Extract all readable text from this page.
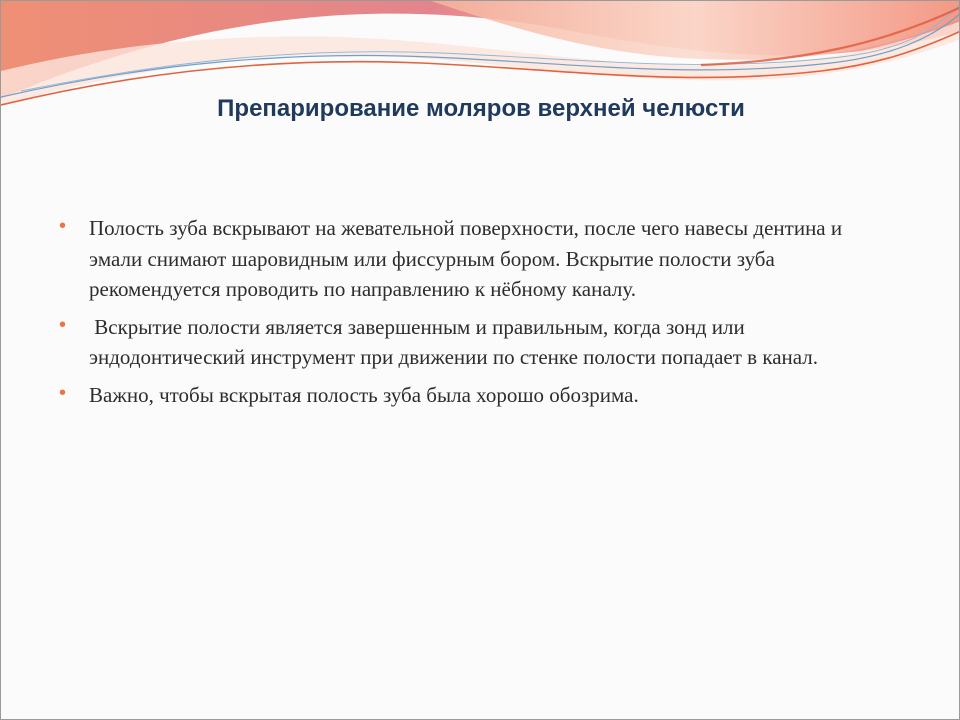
Препарирование моляров верхней челюсти
• Полость зуба вскрывают на жевательной поверхности, после чего навесы дентина и эмали снимают шаровидным или фиссурным бором. Вскрытие полости зуба рекомендуется проводить по направлению к нёбному каналу.
• Вскрытие полости является завершенным и правильным, когда зонд или эндодонтический инструмент при движении по стенке полости попадает в канал.
• Важно, чтобы вскрытая полость зуба была хорошо обозрима.
